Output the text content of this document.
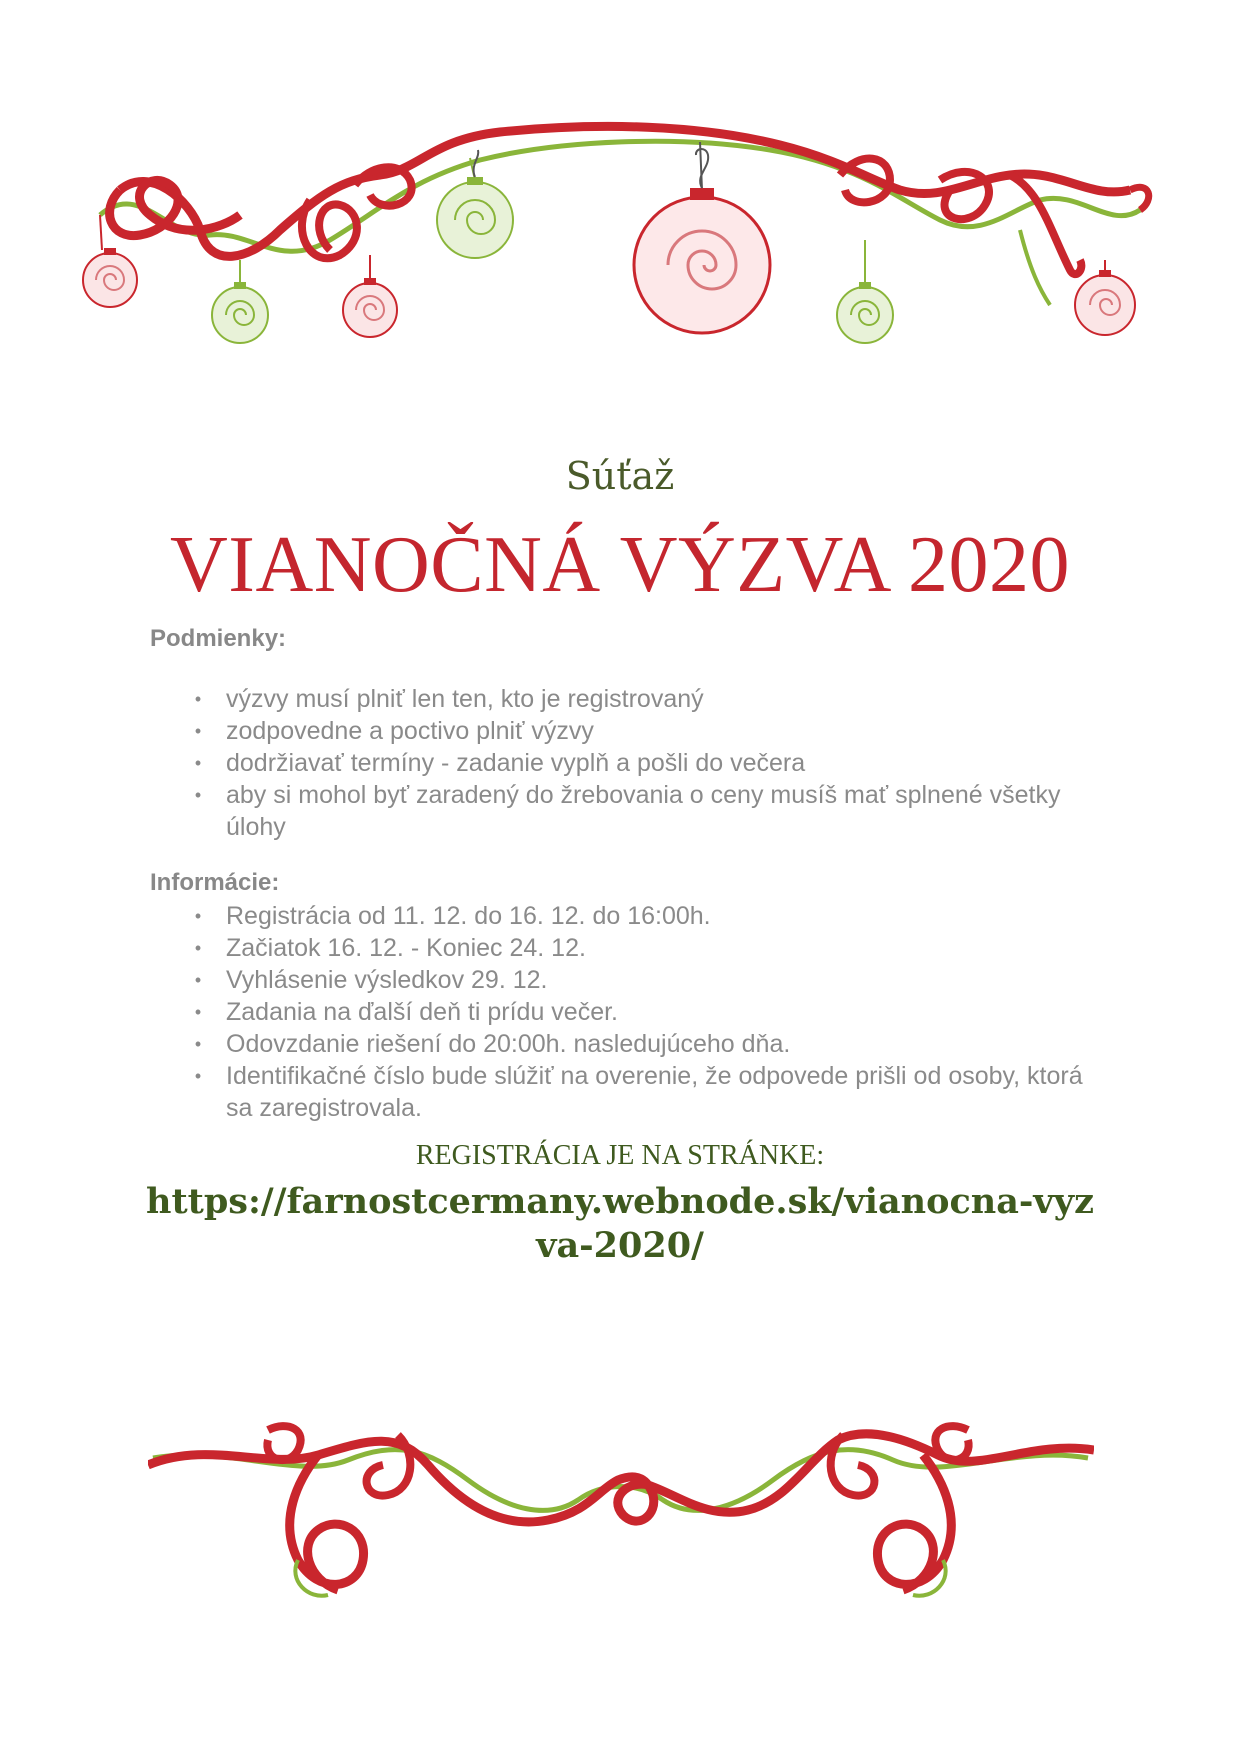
Súťaž
VIANOČNÁ VÝZVA 2020
Podmienky:
• výzvy musí plniť len ten, kto je registrovaný
• zodpovedne a poctivo plniť výzvy
• dodržiavať termíny - zadanie vyplň a pošli do večera
• aby si mohol byť zaradený do žrebovania o ceny musíš mať splnené všetky úlohy
Informácie:
• Registrácia od 11. 12. do 16. 12. do 16:00h.
• Začiatok 16. 12. - Koniec 24. 12.
• Vyhlásenie výsledkov 29. 12.
• Zadania na ďalší deň ti prídu večer.
• Odovzdanie riešení do 20:00h. nasledujúceho dňa.
• Identifikačné číslo bude slúžiť na overenie, že odpovede prišli od osoby, ktorá sa zaregistrovala.
REGISTRÁCIA JE NA STRÁNKE:
https://farnostcermany.webnode.sk/vianocna-vyzva-2020/
